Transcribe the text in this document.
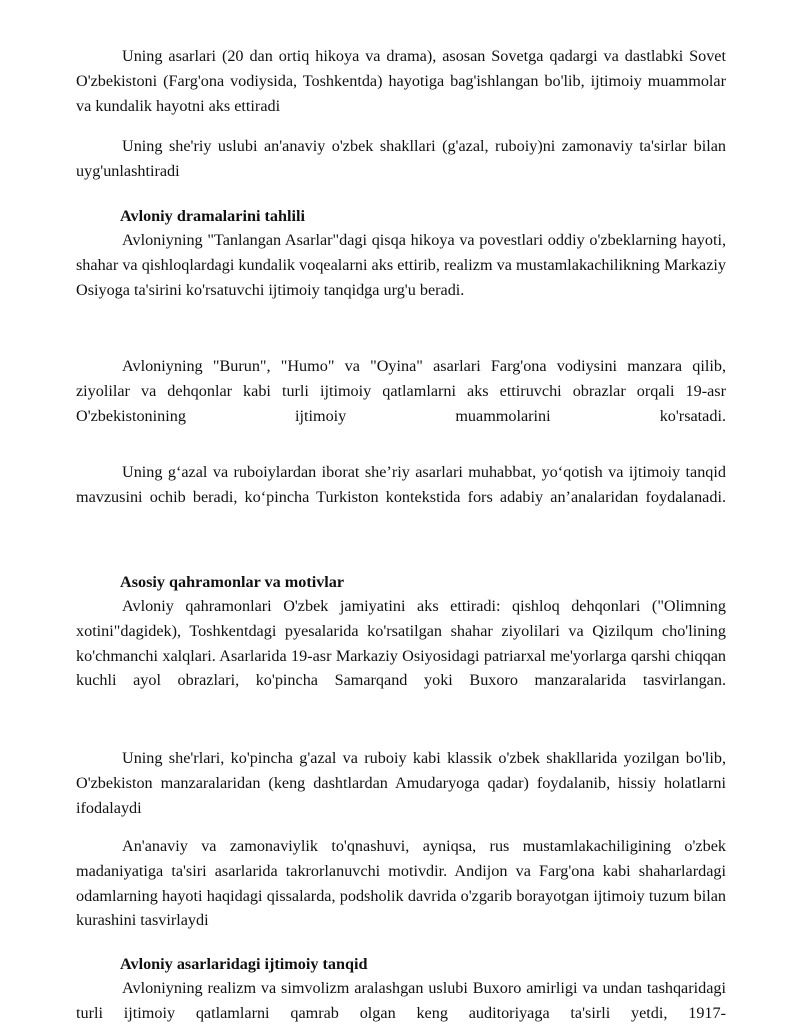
Uning asarlari (20 dan ortiq hikoya va drama), asosan Sovetga qadargi va dastlabki Sovet O'zbekistoni (Farg'ona vodiysida, Toshkentda) hayotiga bag'ishlangan bo'lib, ijtimoiy muammolar va kundalik hayotni aks ettiradi

Uning she'riy uslubi an'anaviy o'zbek shakllari (g'azal, ruboiy)ni zamonaviy ta'sirlar bilan uyg'unlashtiradi

Avloniy dramalarini tahlili

Avloniyning "Tanlangan Asarlar"dagi qisqa hikoya va povestlari oddiy o'zbeklarning hayoti, shahar va qishloqlardagi kundalik voqealarni aks ettirib, realizm va mustamlakachilikning Markaziy Osiyoga ta'sirini ko'rsatuvchi ijtimoiy tanqidga urg'u beradi.

Avloniyning "Burun", "Humo" va "Oyina" asarlari Farg'ona vodiysini manzara qilib, ziyolilar va dehqonlar kabi turli ijtimoiy qatlamlarni aks ettiruvchi obrazlar orqali 19-asr O'zbekistonining ijtimoiy muammolarini ko'rsatadi.

Uning g‘azal va ruboiylardan iborat she’riy asarlari muhabbat, yo‘qotish va ijtimoiy tanqid mavzusini ochib beradi, ko‘pincha Turkiston kontekstida fors adabiy an’analaridan foydalanadi.

Asosiy qahramonlar va motivlar

Avloniy qahramonlari O'zbek jamiyatini aks ettiradi: qishloq dehqonlari ("Olimning xotini"dagidek), Toshkentdagi pyesalarida ko'rsatilgan shahar ziyolilari va Qizilqum cho'lining ko'chmanchi xalqlari. Asarlarida 19-asr Markaziy Osiyosidagi patriarxal me'yorlarga qarshi chiqqan kuchli ayol obrazlari, ko'pincha Samarqand yoki Buxoro manzaralarida tasvirlangan.

Uning she'rlari, ko'pincha g'azal va ruboiy kabi klassik o'zbek shakllarida yozilgan bo'lib, O'zbekiston manzaralaridan (keng dashtlardan Amudaryoga qadar) foydalanib, hissiy holatlarni ifodalaydi

An'anaviy va zamonaviylik to'qnashuvi, ayniqsa, rus mustamlakachiligining o'zbek madaniyatiga ta'siri asarlarida takrorlanuvchi motivdir. Andijon va Farg'ona kabi shaharlardagi odamlarning hayoti haqidagi qissalarda, podsholik davrida o'zgarib borayotgan ijtimoiy tuzum bilan kurashini tasvirlaydi

Avloniy asarlaridagi ijtimoiy tanqid

Avloniyning realizm va simvolizm aralashgan uslubi Buxoro amirligi va undan tashqaridagi turli ijtimoiy qatlamlarni qamrab olgan keng auditoriyaga ta'sirli yetdi, 1917-
